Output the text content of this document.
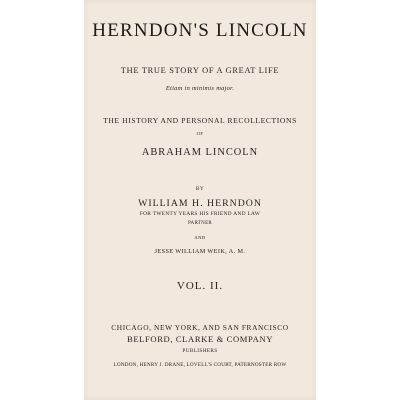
HERNDON'S LINCOLN
THE TRUE STORY OF A GREAT LIFE
Etiam in minimis major.
THE HISTORY AND PERSONAL RECOLLECTIONS
OF
ABRAHAM LINCOLN
BY
WILLIAM H. HERNDON
FOR TWENTY YEARS HIS FRIEND AND LAW
PARTNER
AND
JESSE WILLIAM WEIK, A. M.
VOL. II.
CHICAGO, NEW YORK, AND SAN FRANCISCO
BELFORD, CLARKE & COMPANY
PUBLISHERS
LONDON, HENRY J. DRANE, LOVELL'S COURT, PATERNOSTER ROW
